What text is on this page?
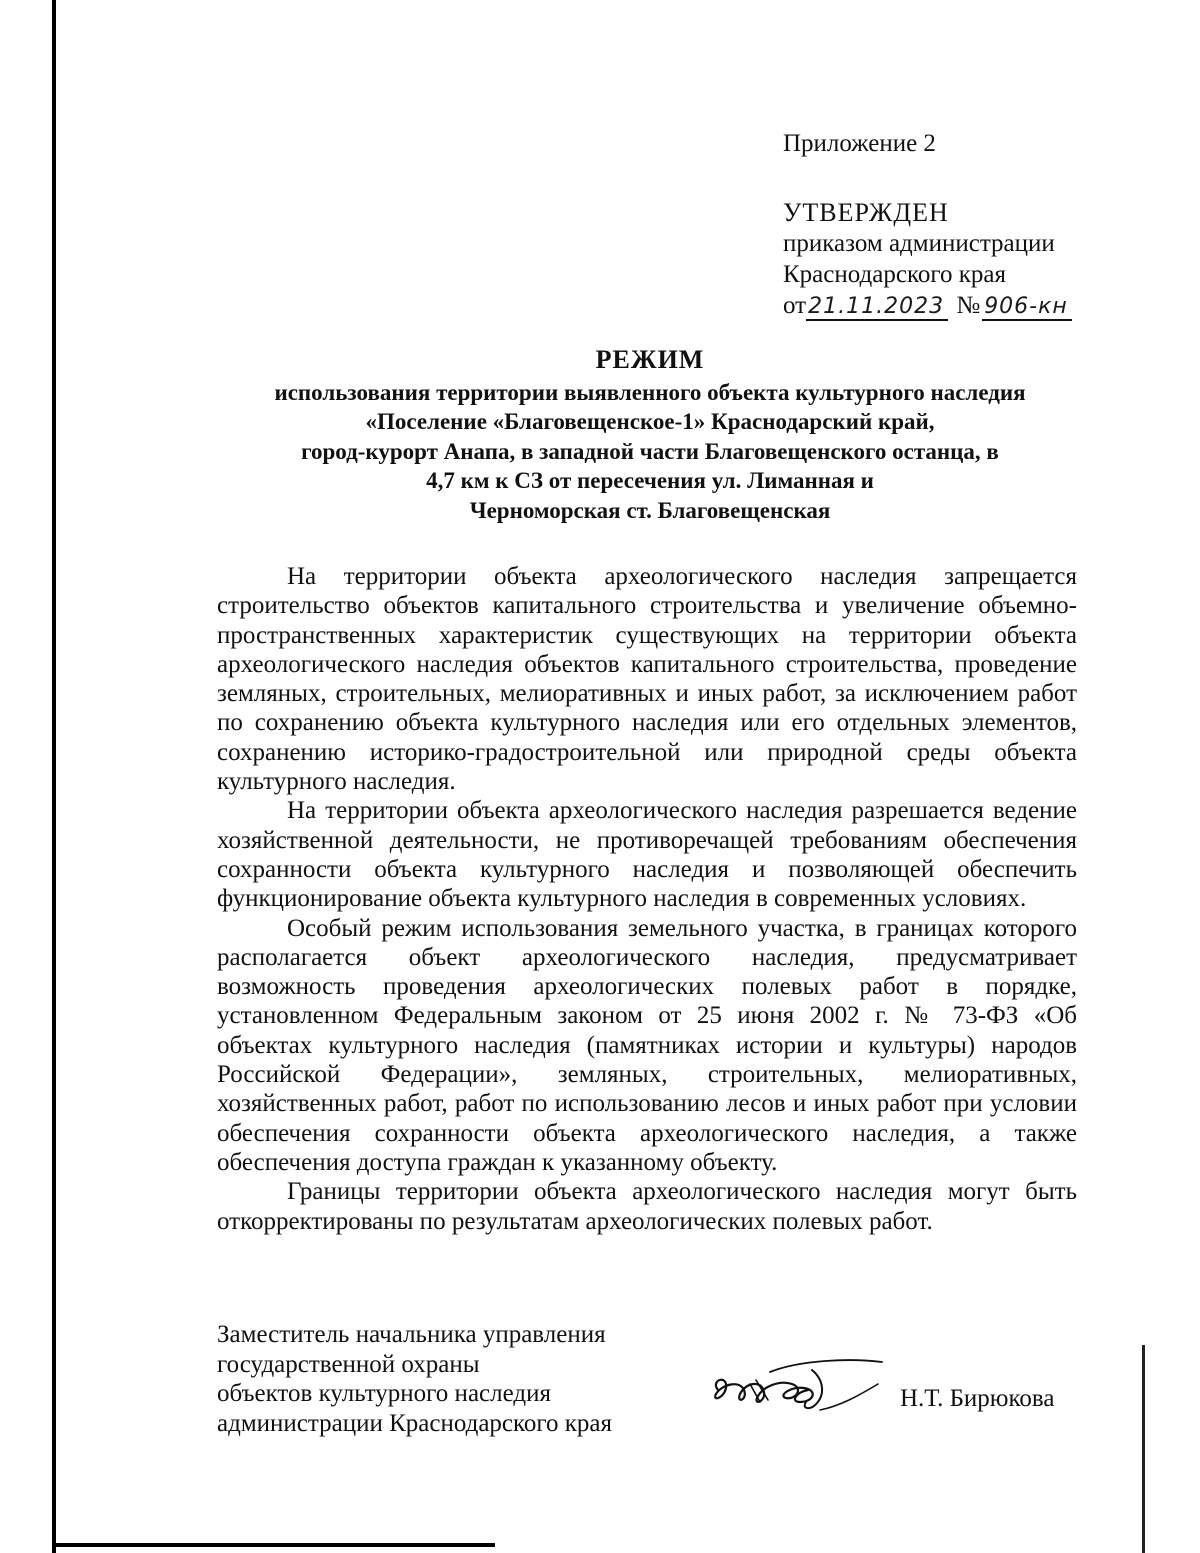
Приложение 2
УТВЕРЖДЕН
приказом администрации
Краснодарского края
от21.11.2023 № 906-кн
РЕЖИМ
использования территории выявленного объекта культурного наследия
«Поселение «Благовещенское-1» Краснодарский край,
город-курорт Анапа, в западной части Благовещенского останца, в
4,7 км к СЗ от пересечения ул. Лиманная и
Черноморская ст. Благовещенская

На территории объекта археологического наследия запрещается строительство объектов капитального строительства и увеличение объемно-пространственных характеристик существующих на территории объекта археологического наследия объектов капитального строительства, проведение земляных, строительных, мелиоративных и иных работ, за исключением работ по сохранению объекта культурного наследия или его отдельных элементов, сохранению историко-градостроительной или природной среды объекта культурного наследия.

На территории объекта археологического наследия разрешается ведение хозяйственной деятельности, не противоречащей требованиям обеспечения сохранности объекта культурного наследия и позволяющей обеспечить функционирование объекта культурного наследия в современных условиях.

Особый режим использования земельного участка, в границах которого располагается объект археологического наследия, предусматривает возможность проведения археологических полевых работ в порядке, установленном Федеральным законом от 25 июня 2002 г. № 73-ФЗ «Об объектах культурного наследия (памятниках истории и культуры) народов Российской Федерации», земляных, строительных, мелиоративных, хозяйственных работ, работ по использованию лесов и иных работ при условии обеспечения сохранности объекта археологического наследия, а также обеспечения доступа граждан к указанному объекту.

Границы территории объекта археологического наследия могут быть откорректированы по результатам археологических полевых работ.

Заместитель начальника управления
государственной охраны
объектов культурного наследия
администрации Краснодарского края
Н.Т. Бирюкова
